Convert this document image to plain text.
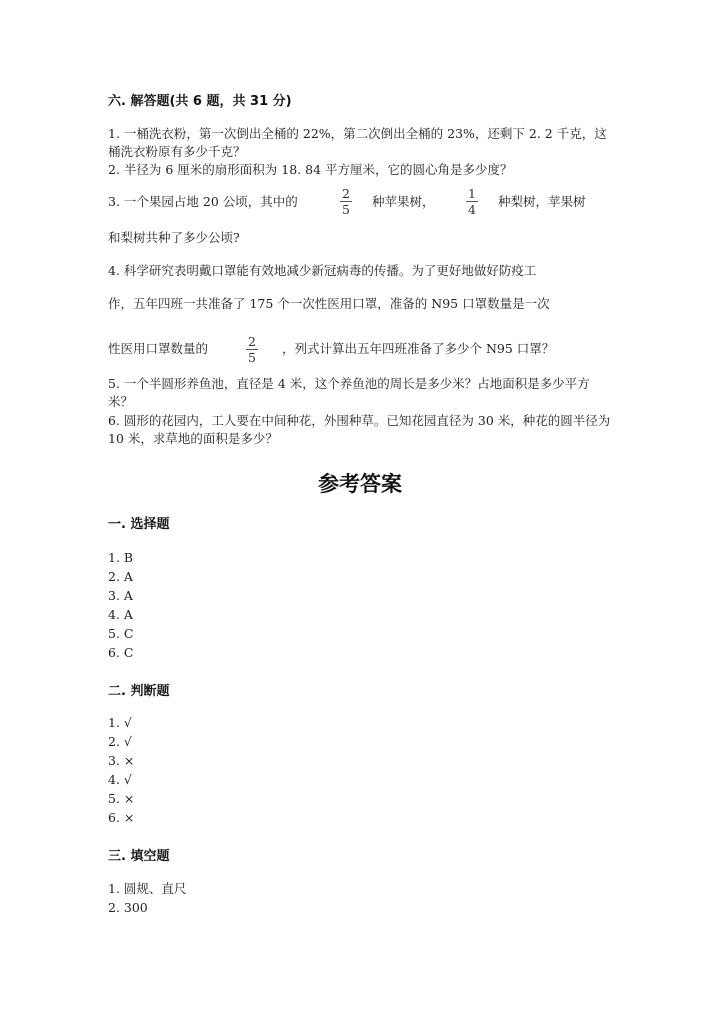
六. 解答题(共 6 题，共 31 分)
1. 一桶洗衣粉，第一次倒出全桶的 22%，第二次倒出全桶的 23%，还剩下 2. 2 千克，这桶洗衣粉原有多少千克？
2. 半径为 6 厘米的扇形面积为 18. 84 平方厘米，它的圆心角是多少度？
3. 一个果园占地 20 公顷，其中的
2
5
种苹果树，
1
4
种梨树，苹果树
和梨树共种了多少公顷?
4. 科学研究表明戴口罩能有效地减少新冠病毒的传播。为了更好地做好防疫工
作，五年四班一共准备了 175 个一次性医用口罩，准备的 N95 口罩数量是一次
性医用口罩数量的	2
5
，列式计算出五年四班准备了多少个 N95 口罩？
5. 一个半圆形养鱼池，直径是 4 米，这个养鱼池的周长是多少米？占地面积是多少平方米？
6. 圆形的花园内，工人要在中间种花，外围种草。已知花园直径为 30 米，种花的圆半径为 10 米，求草地的面积是多少？
参考答案
一. 选择题
1. B
2. A
3. A
4. A
5. C
6. C
二. 判断题
1. √
2. √
3. ×
4. √
5. ×
6. ×
三. 填空题
1. 圆规、直尺
2. 300
